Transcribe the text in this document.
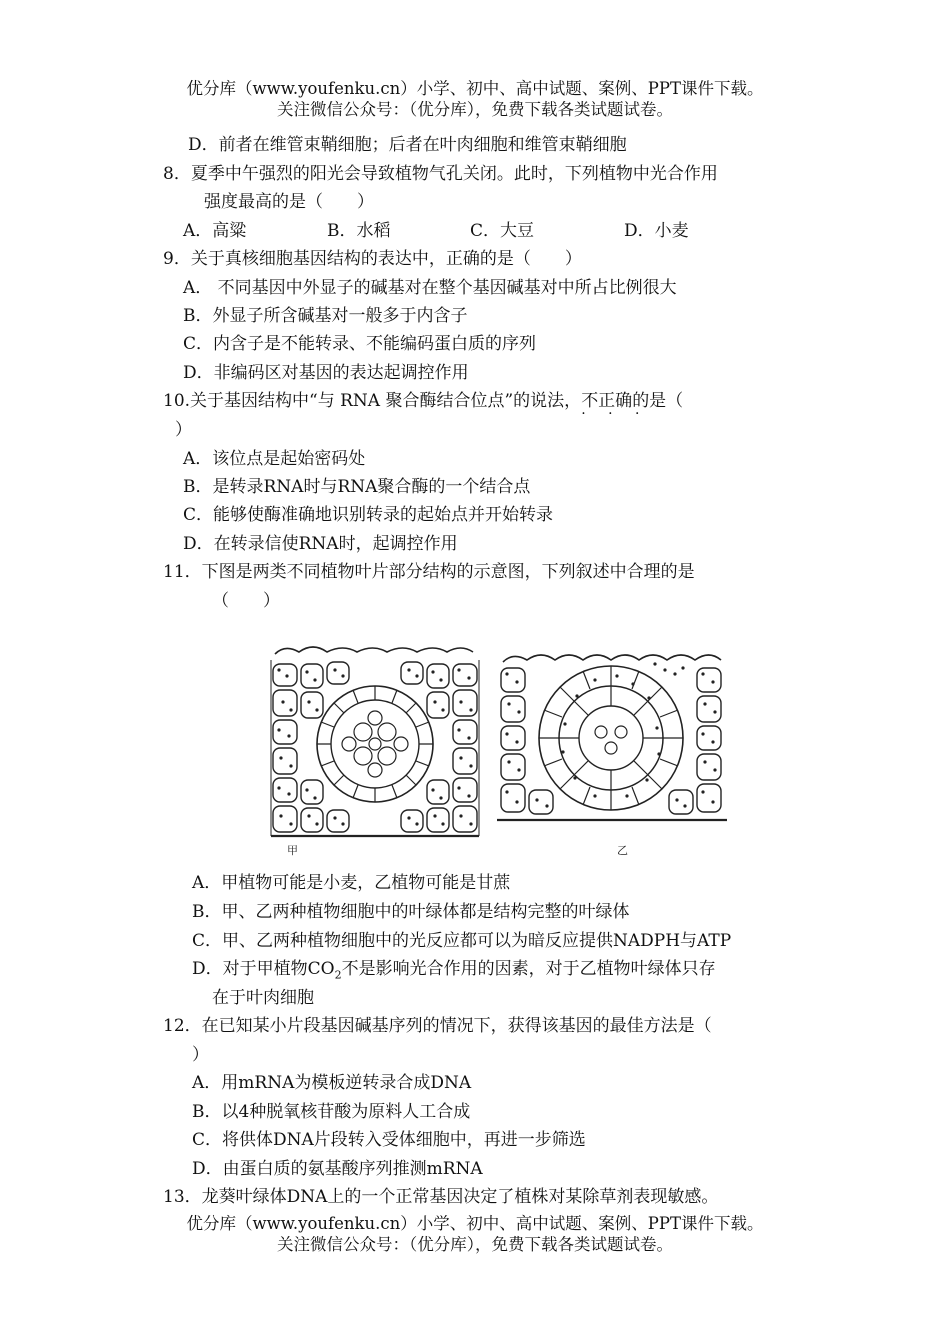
优分库（www.youfenku.cn）小学、初中、高中试题、案例、PPT课件下载。
关注微信公众号：（优分库），免费下载各类试题试卷。
D．前者在维管束鞘细胞；后者在叶肉细胞和维管束鞘细胞
8．夏季中午强烈的阳光会导致植物气孔关闭。此时，下列植物中光合作用
强度最高的是（　　）
A．高粱	B．水稻	C．大豆	D．小麦
9．关于真核细胞基因结构的表达中，正确的是（　　）
A． 不同基因中外显子的碱基对在整个基因碱基对中所占比例很大
B．外显子所含碱基对一般多于内含子
C．内含子是不能转录、不能编码蛋白质的序列
D．非编码区对基因的表达起调控作用
10.关于基因结构中“与 RNA 聚合酶结合位点”的说法，不正确
· · ·
的是（
）
A．该位点是起始密码处
B．是转录RNA时与RNA聚合酶的一个结合点
C．能够使酶准确地识别转录的起始点并开始转录
D．在转录信使RNA时，起调控作用
11．下图是两类不同植物叶片部分结构的示意图，下列叙述中合理的是
（　　）
甲	乙
A．甲植物可能是小麦，乙植物可能是甘蔗
B．甲、乙两种植物细胞中的叶绿体都是结构完整的叶绿体
C．甲、乙两种植物细胞中的光反应都可以为暗反应提供NADPH与ATP
D．对于甲植物$CO_2$不是影响光合作用的因素，对于乙植物叶绿体只存
在于叶肉细胞
12．在已知某小片段基因碱基序列的情况下，获得该基因的最佳方法是（
）
A．用mRNA为模板逆转录合成DNA
B．以4种脱氧核苷酸为原料人工合成
C．将供体DNA片段转入受体细胞中，再进一步筛选
D．由蛋白质的氨基酸序列推测mRNA
13．龙葵叶绿体DNA上的一个正常基因决定了植株对某除草剂表现敏感。
优分库（www.youfenku.cn）小学、初中、高中试题、案例、PPT课件下载。
关注微信公众号：（优分库），免费下载各类试题试卷。
